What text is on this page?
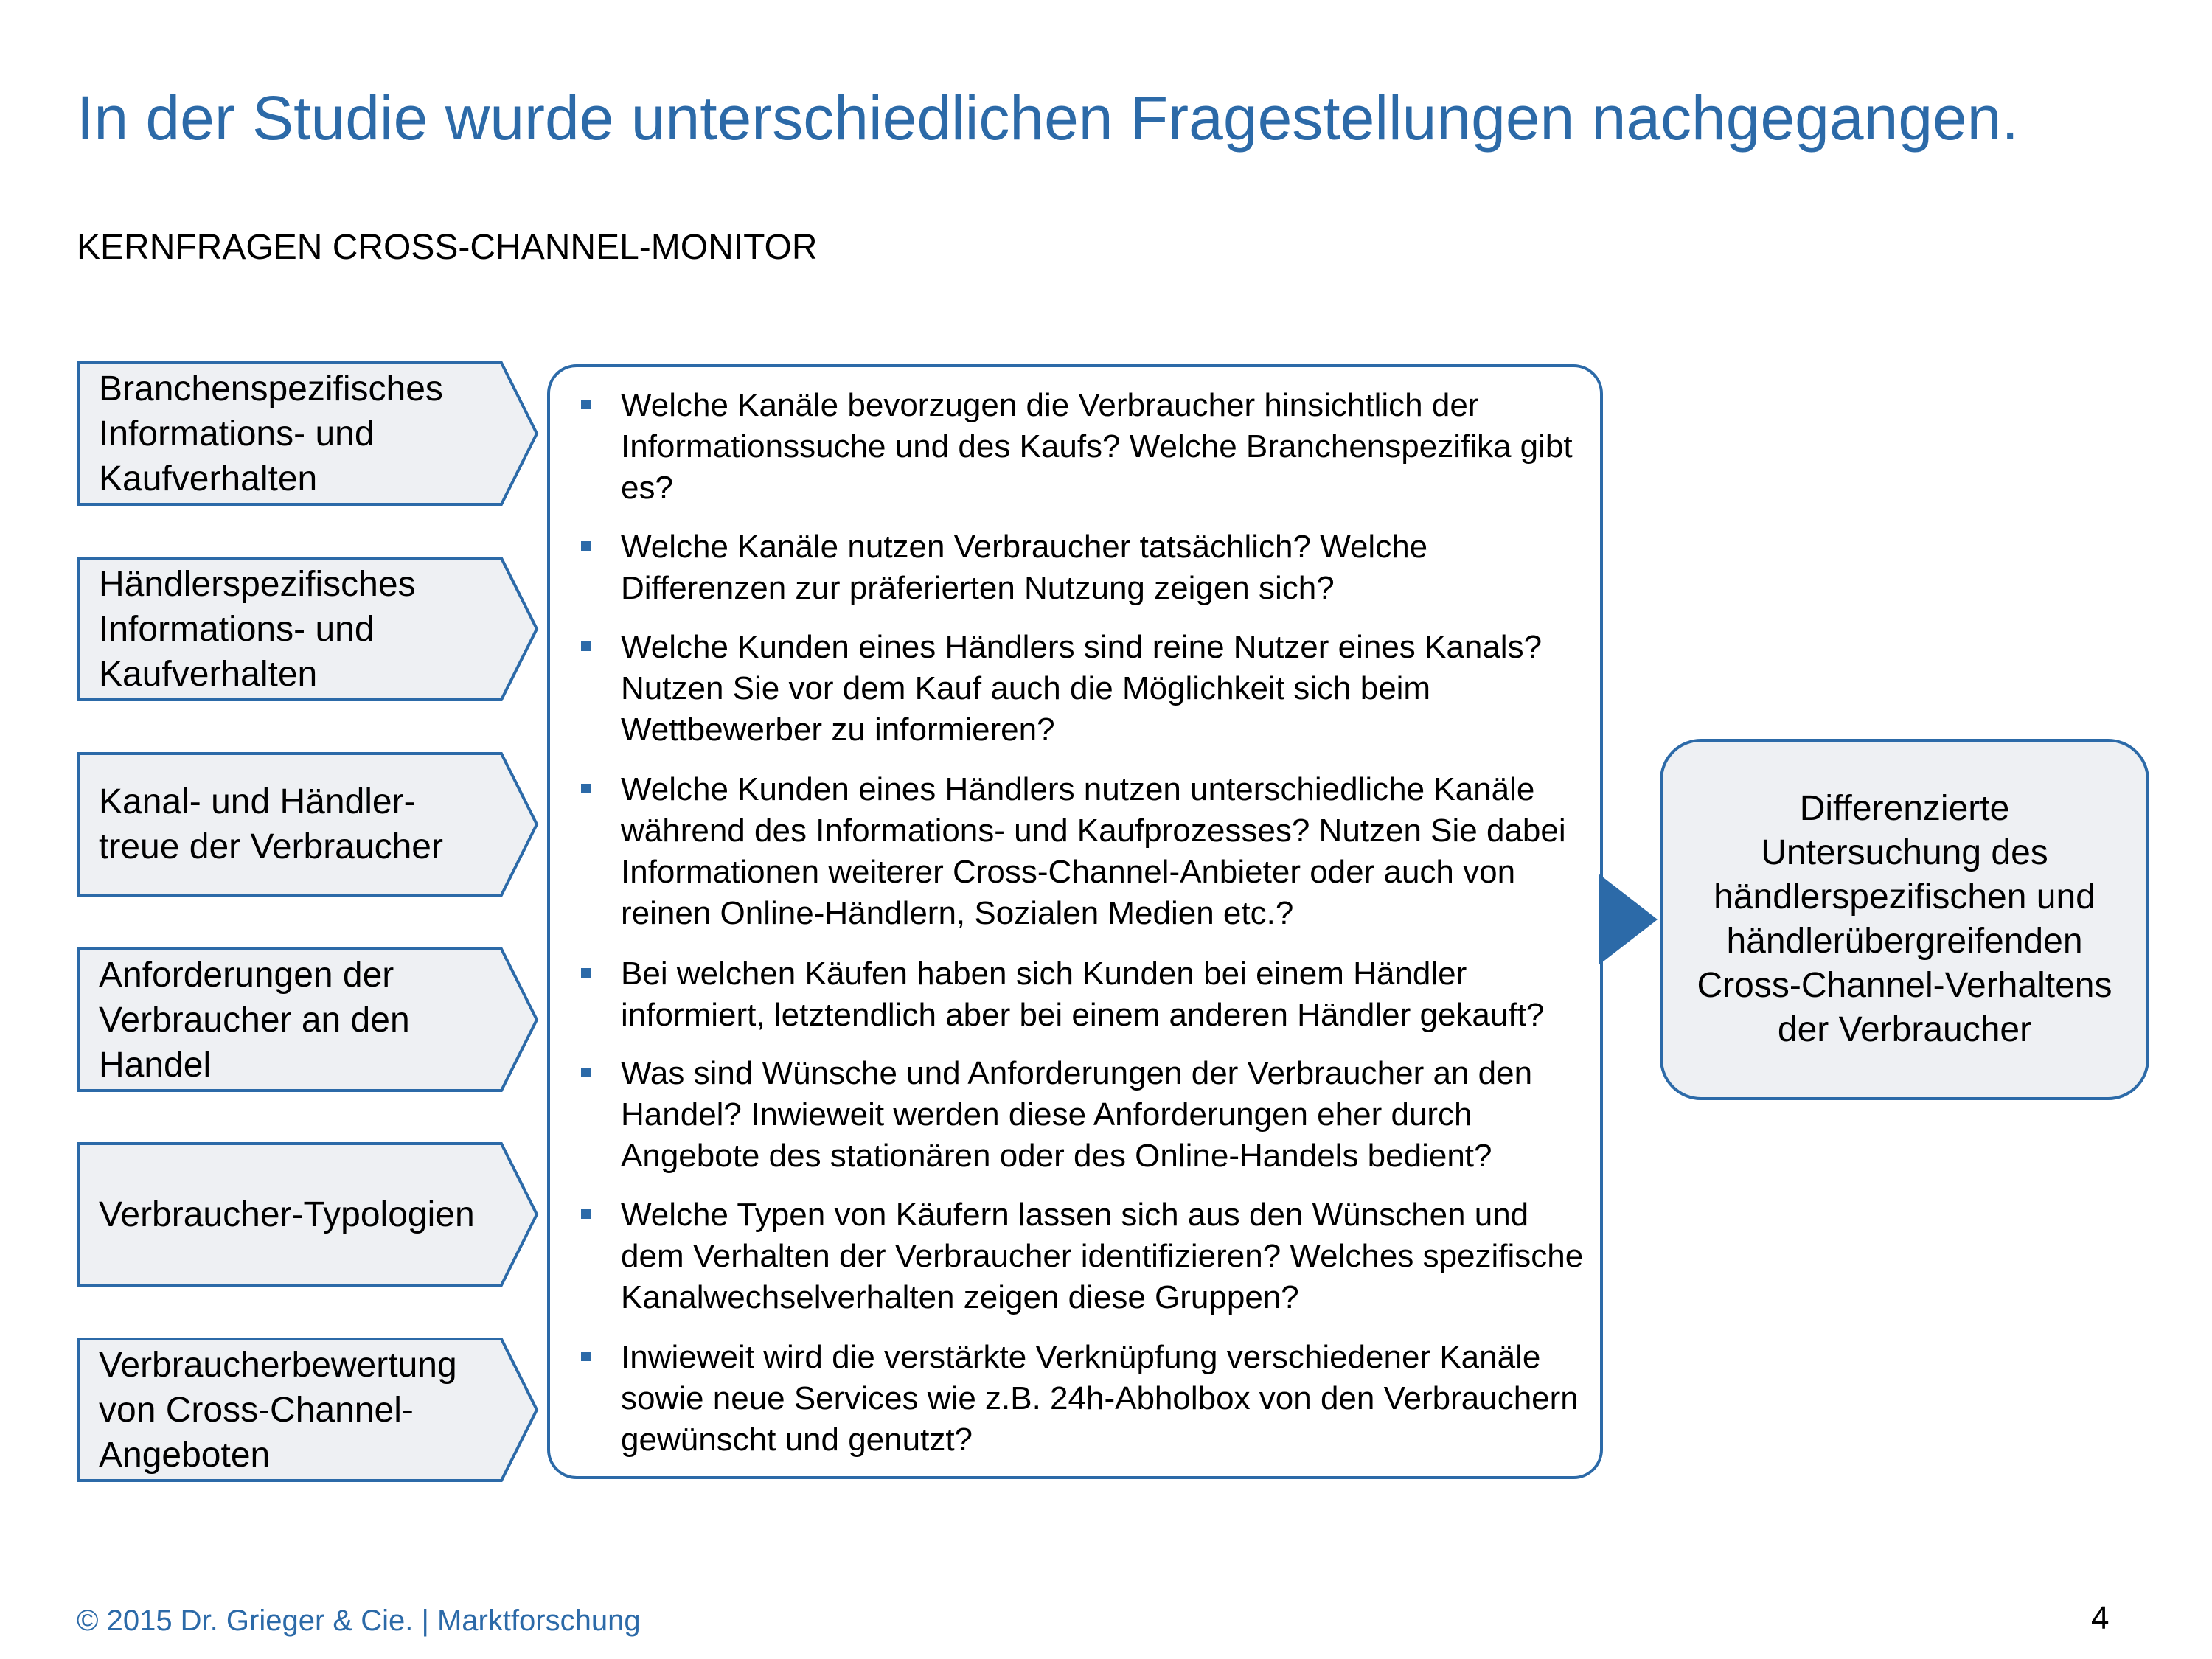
In der Studie wurde unterschiedlichen Fragestellungen nachgegangen.
KERNFRAGEN CROSS-CHANNEL-MONITOR
Branchenspezifisches Informations- und Kaufverhalten
Händlerspezifisches Informations- und Kaufverhalten
Kanal- und Händler-treue der Verbraucher
Anforderungen der Verbraucher an den Handel
Verbraucher-Typologien
Verbraucherbewertung von Cross-Channel-Angeboten
Welche Kanäle bevorzugen die Verbraucher hinsichtlich der Informationssuche und des Kaufs? Welche Branchenspezifika gibt es?
Welche Kanäle nutzen Verbraucher tatsächlich? Welche Differenzen zur präferierten Nutzung zeigen sich?
Welche Kunden eines Händlers sind reine Nutzer eines Kanals? Nutzen Sie vor dem Kauf auch die Möglichkeit sich beim Wettbewerber zu informieren?
Welche Kunden eines Händlers nutzen unterschiedliche Kanäle während des Informations- und Kaufprozesses? Nutzen Sie dabei Informationen weiterer Cross-Channel-Anbieter oder auch von reinen Online-Händlern, Sozialen Medien etc.?
Bei welchen Käufen haben sich Kunden bei einem Händler informiert, letztendlich aber bei einem anderen Händler gekauft?
Was sind Wünsche und Anforderungen der Verbraucher an den Handel? Inwieweit werden diese Anforderungen eher durch Angebote des stationären oder des Online-Handels bedient?
Welche Typen von Käufern lassen sich aus den Wünschen und dem Verhalten der Verbraucher identifizieren? Welches spezifische Kanalwechselverhalten zeigen diese Gruppen?
Inwieweit wird die verstärkte Verknüpfung verschiedener Kanäle sowie neue Services wie z.B. 24h-Abholbox von den Verbrauchern gewünscht und genutzt?
Differenzierte Untersuchung des händlerspezifischen und händlerübergreifenden Cross-Channel-Verhaltens der Verbraucher
© 2015 Dr. Grieger & Cie. | Marktforschung	4
